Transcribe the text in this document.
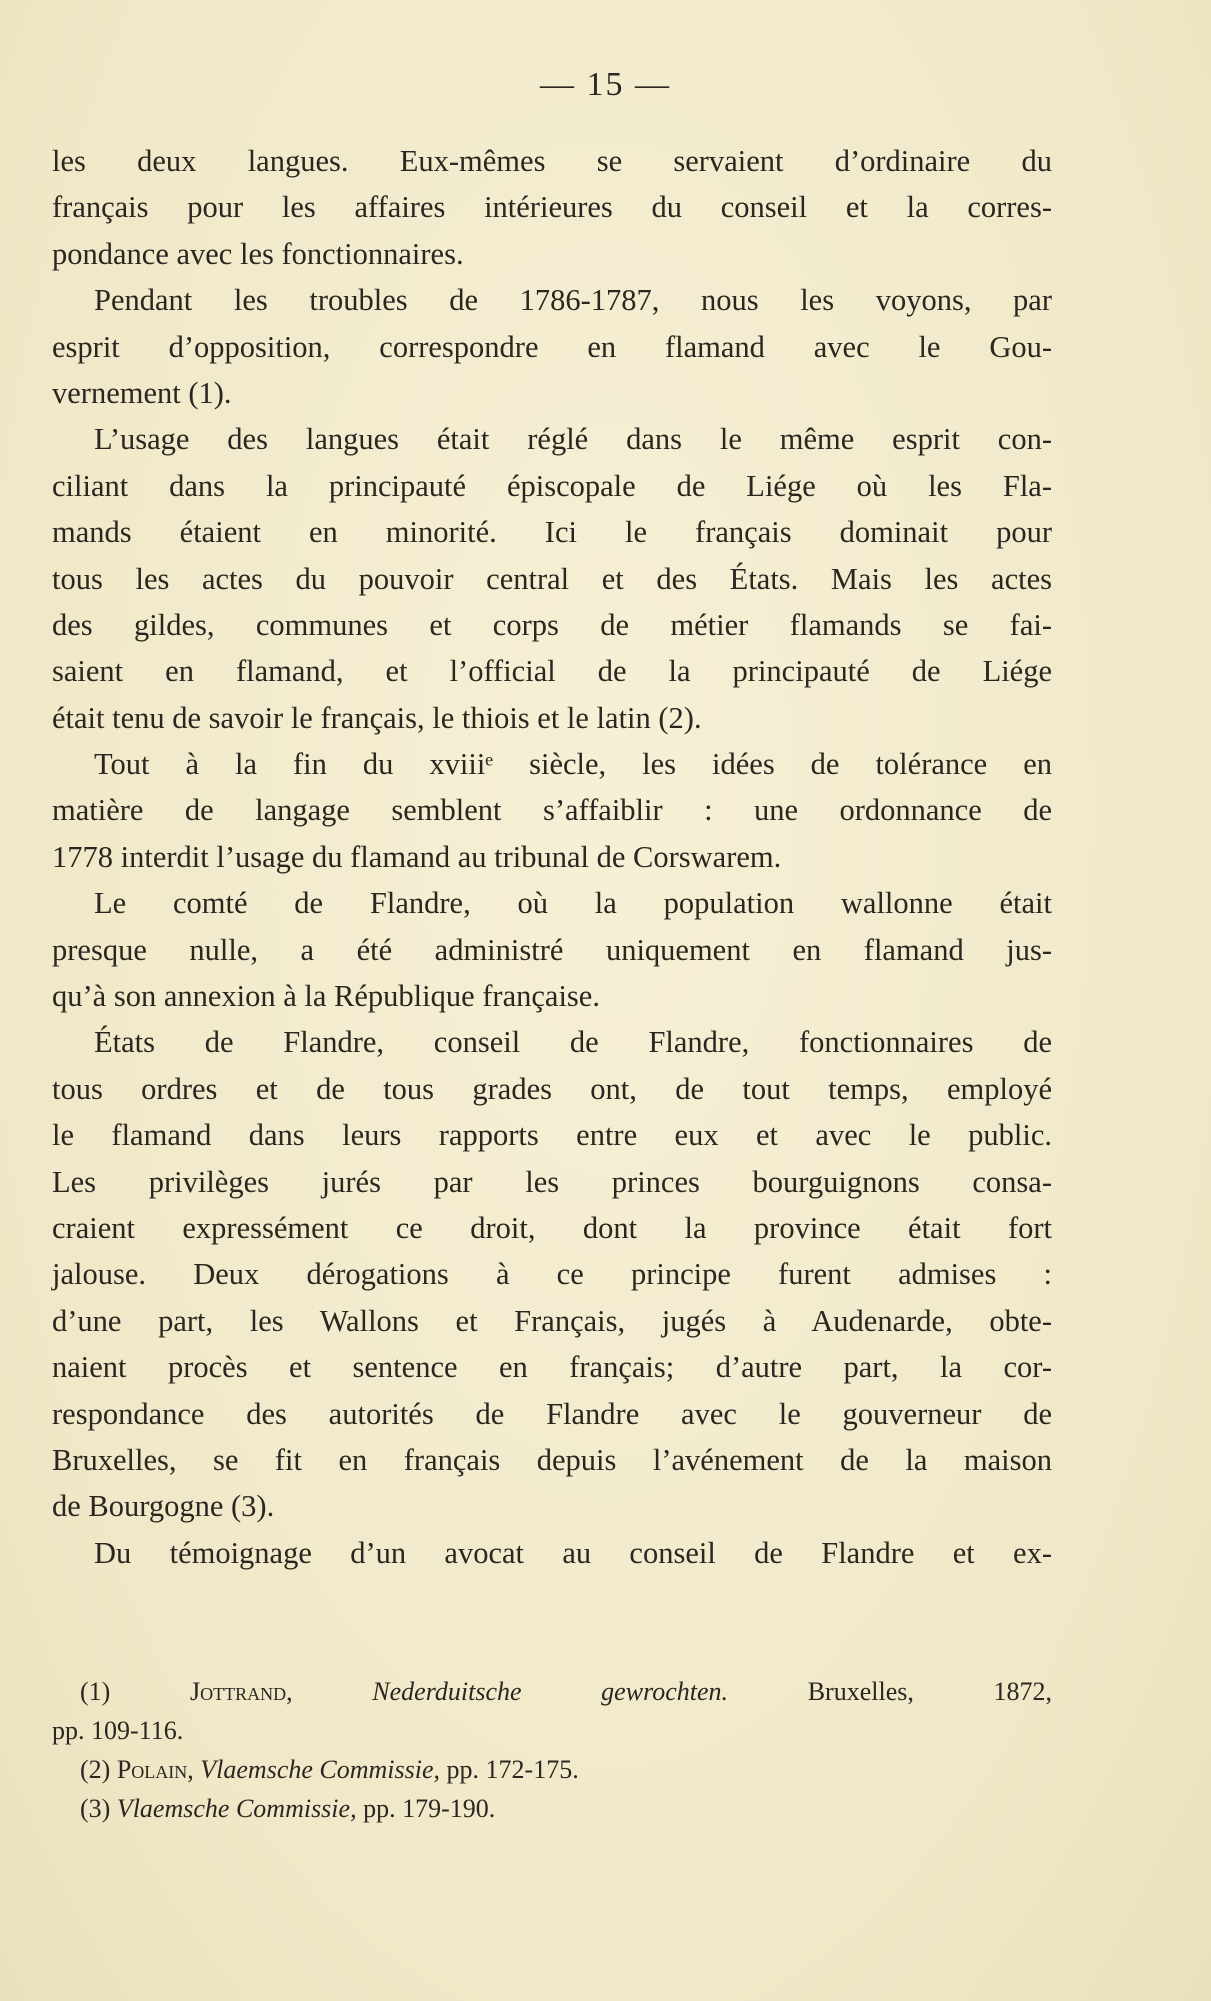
— 15 —
les deux langues. Eux-mêmes se servaient d’ordinaire du
français pour les affaires intérieures du conseil et la corres-
pondance avec les fonctionnaires.
Pendant les troubles de 1786-1787, nous les voyons, par
esprit d’opposition, correspondre en flamand avec le Gou-
vernement (1).
L’usage des langues était réglé dans le même esprit con-
ciliant dans la principauté épiscopale de Liége où les Fla-
mands étaient en minorité. Ici le français dominait pour
tous les actes du pouvoir central et des États. Mais les actes
des gildes, communes et corps de métier flamands se fai-
saient en flamand, et l’official de la principauté de Liége
était tenu de savoir le français, le thiois et le latin (2).
Tout à la fin du xviiiᵉ siècle, les idées de tolérance en
matière de langage semblent s’affaiblir : une ordonnance de
1778 interdit l’usage du flamand au tribunal de Corswarem.
Le comté de Flandre, où la population wallonne était
presque nulle, a été administré uniquement en flamand jus-
qu’à son annexion à la République française.
États de Flandre, conseil de Flandre, fonctionnaires de
tous ordres et de tous grades ont, de tout temps, employé
le flamand dans leurs rapports entre eux et avec le public.
Les privilèges jurés par les princes bourguignons consa-
craient expressément ce droit, dont la province était fort
jalouse. Deux dérogations à ce principe furent admises :
d’une part, les Wallons et Français, jugés à Audenarde, obte-
naient procès et sentence en français; d’autre part, la cor-
respondance des autorités de Flandre avec le gouverneur de
Bruxelles, se fit en français depuis l’avénement de la maison
de Bourgogne (3).
Du témoignage d’un avocat au conseil de Flandre et ex-
(1)	Jottrand,	Nederduitsche gewrochten.	Bruxelles, 1872,
pp. 109-116.
(2) Polain, Vlaemsche Commissie, pp. 172-175.
(3) Vlaemsche Commissie, pp. 179-190.
